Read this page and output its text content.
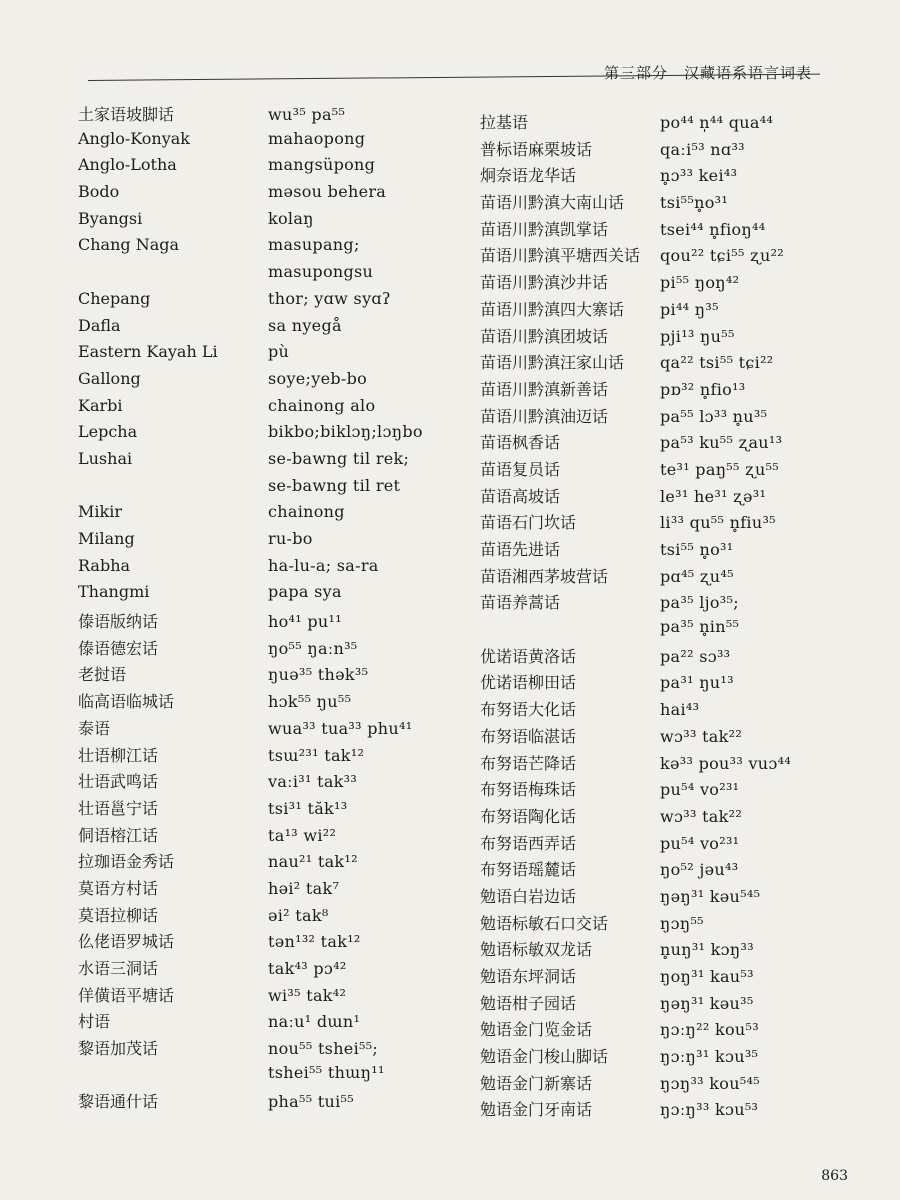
第三部分　汉藏语系语言词表
土家语坡脚话	wu³⁵ pa⁵⁵
Anglo-Konyak	mahaopong
Anglo-Lotha	mangsüpong
Bodo	məsou behera
Byangsi	kolaŋ
Chang Naga	masupang;
masupongsu
Chepang	thor; yɑw syɑʔ
Dafla	sa nyegå
Eastern Kayah Li	pù
Gallong	soye;yeb-bo
Karbi	chainong alo
Lepcha	bikbo;biklɔŋ;lɔŋbo
Lushai	se-bawng til rek;
se-bawng til ret
Mikir	chainong
Milang	ru-bo
Rabha	ha-lu-a; sa-ra
Thangmi	papa sya
傣语版纳话	ho⁴¹ pu¹¹
傣语德宏话	ŋo⁵⁵ ŋaːn³⁵
老挝语	ŋuə³⁵ thək³⁵
临高语临城话	hɔk⁵⁵ ŋu⁵⁵
泰语	wua³³ tua³³ phu⁴¹
壮语柳江话	tsɯ²³¹ tak¹²
壮语武鸣话	vaːi³¹ tak³³
壮语邕宁话	tsi³¹ tăk¹³
侗语榕江话	ta¹³ wi²²
拉珈语金秀话	nau²¹ tak¹²
莫语方村话	həi² tak⁷
莫语拉柳话	əi² tak⁸
仫佬语罗城话	tən¹³² tak¹²
水语三洞话	tak⁴³ pɔ⁴²
佯僙语平塘话	wi³⁵ tak⁴²
村语	naːu¹ dɯn¹
黎语加茂话	nou⁵⁵ tshei⁵⁵;
tshei⁵⁵ thɯŋ¹¹
黎语通什话	pha⁵⁵ tui⁵⁵
拉基语	po⁴⁴ n̩⁴⁴ qua⁴⁴
普标语麻栗坡话	qaːi⁵³ nɑ³³
炯奈语龙华话	n̥ɔ³³ kei⁴³
苗语川黔滇大南山话	tsi⁵⁵n̥o³¹
苗语川黔滇凯掌话	tsei⁴⁴ n̥fioŋ⁴⁴
苗语川黔滇平塘西关话	qou²² tɕi⁵⁵ ʐu²²
苗语川黔滇沙井话	pi⁵⁵ ŋoŋ⁴²
苗语川黔滇四大寨话	pi⁴⁴ ŋ³⁵
苗语川黔滇团坡话	pji¹³ ŋu⁵⁵
苗语川黔滇汪家山话	qa²² tsi⁵⁵ tɕi²²
苗语川黔滇新善话	pɒ³² n̥fio¹³
苗语川黔滇油迈话	pa⁵⁵ lɔ³³ n̥u³⁵
苗语枫香话	pa⁵³ ku⁵⁵ ʐau¹³
苗语复员话	te³¹ paŋ⁵⁵ ʐu⁵⁵
苗语高坡话	le³¹ he³¹ ʐə³¹
苗语石门坎话	li³³ qu⁵⁵ n̥fiu³⁵
苗语先进话	tsi⁵⁵ n̥o³¹
苗语湘西茅坡营话	pɑ⁴⁵ ʐu⁴⁵
苗语养蒿话	pa³⁵ ljo³⁵;
pa³⁵ n̥in⁵⁵
优诺语黄洛话	pa²² sɔ³³
优诺语柳田话	pa³¹ ŋu¹³
布努语大化话	hai⁴³
布努语临湛话	wɔ³³ tak²²
布努语芒降话	kə³³ pou³³ vuɔ⁴⁴
布努语梅珠话	pu⁵⁴ vo²³¹
布努语陶化话	wɔ³³ tak²²
布努语西弄话	pu⁵⁴ vo²³¹
布努语瑶麓话	ŋo⁵² jəu⁴³
勉语白岩边话	ŋəŋ³¹ kəu⁵⁴⁵
勉语标敏石口交话	ŋɔŋ⁵⁵
勉语标敏双龙话	n̥uŋ³¹ kɔŋ³³
勉语东坪洞话	ŋoŋ³¹ kau⁵³
勉语柑子园话	ŋəŋ³¹ kəu³⁵
勉语金门览金话	ŋɔːŋ²² kou⁵³
勉语金门梭山脚话	ŋɔːŋ³¹ kɔu³⁵
勉语金门新寨话	ŋɔŋ³³ kou⁵⁴⁵
勉语金门牙南话	ŋɔːŋ³³ kɔu⁵³
863
